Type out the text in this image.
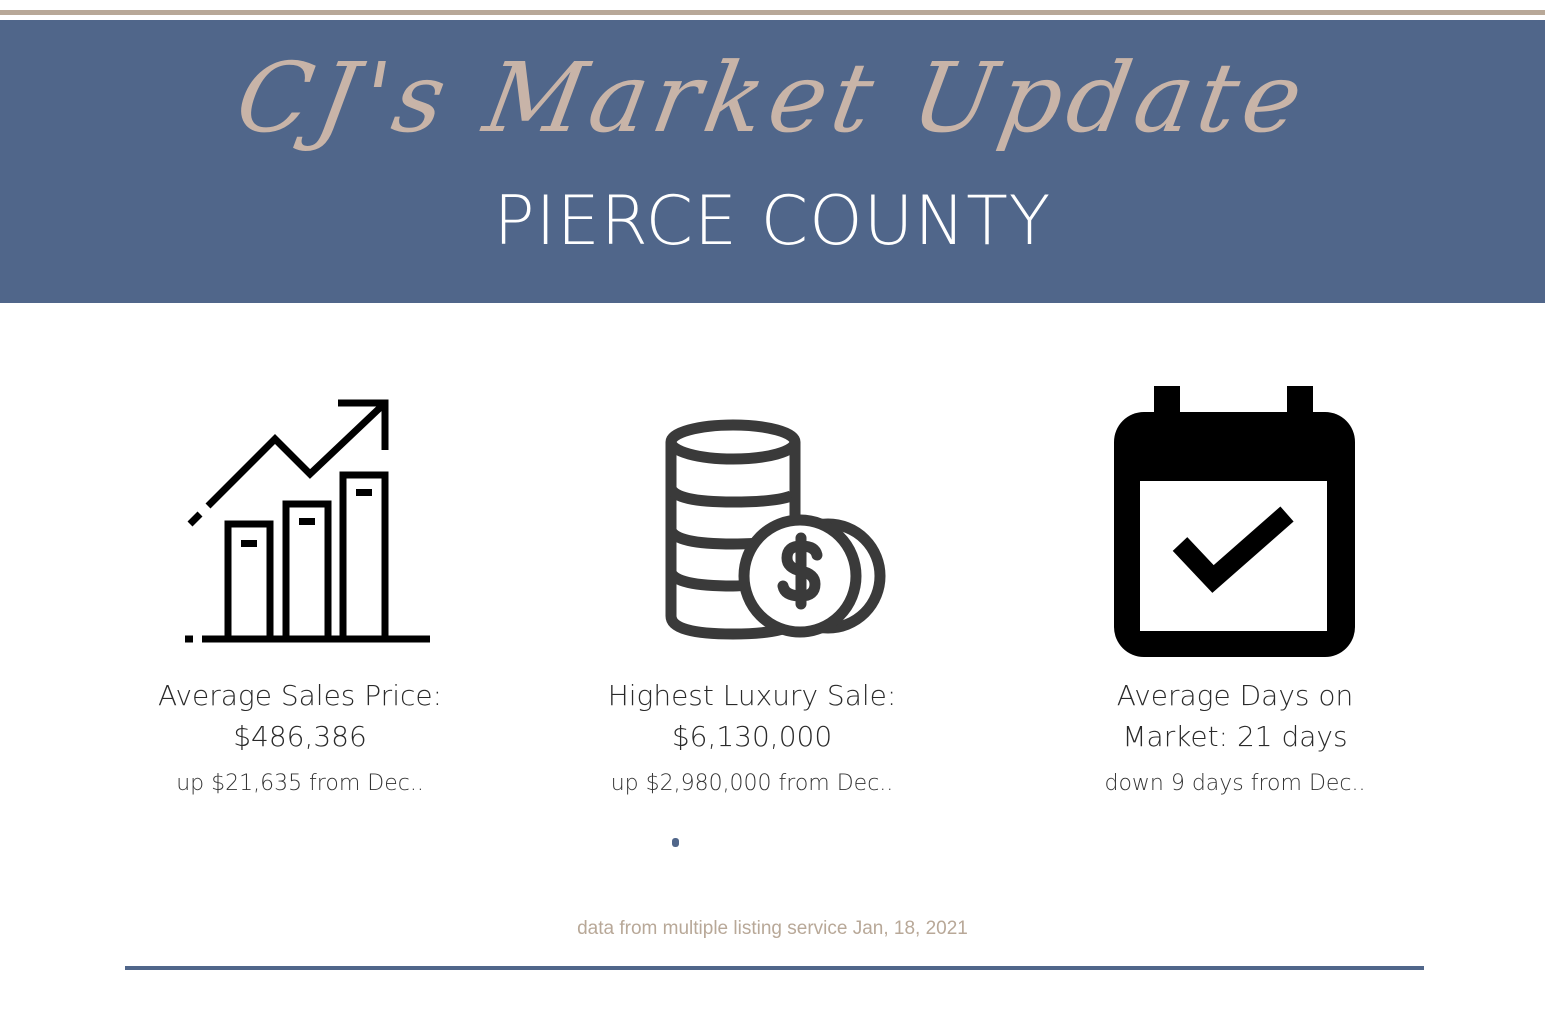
CJ's Market Update
PIERCE COUNTY
Average Sales Price:
$486,386
up $21,635 from Dec..
Highest Luxury Sale:
$6,130,000
up $2,980,000 from Dec..
Average Days on
Market: 21 days
down 9 days from Dec..
data from multiple listing service Jan, 18, 2021
